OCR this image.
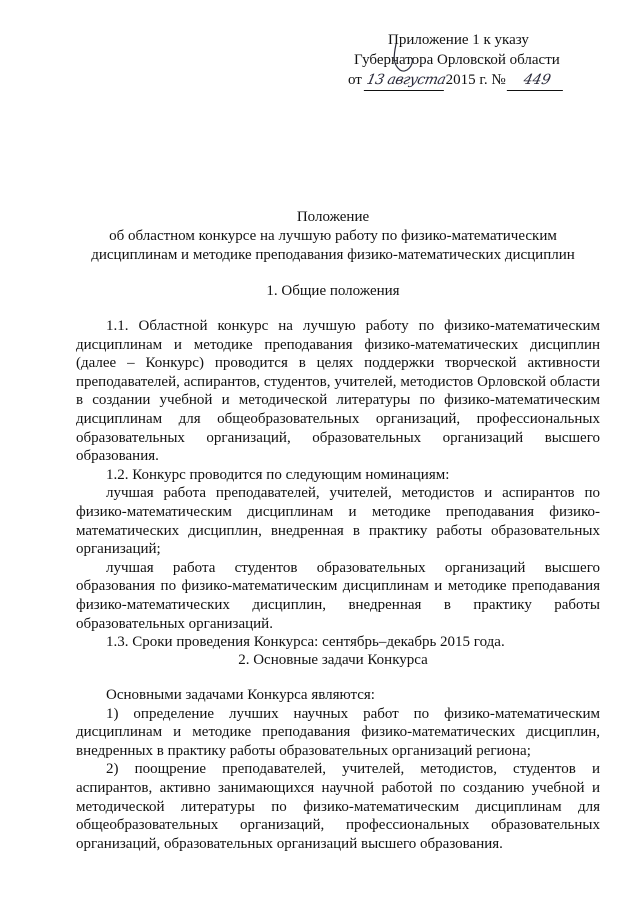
Приложение 1 к указу
Губернатора Орловской области
от 13 августа2015 г. № 449
Положение
об областном конкурсе на лучшую работу по физико-математическим
дисциплинам и методике преподавания физико-математических дисциплин
1. Общие положения

1.1. Областной конкурс на лучшую работу по физико-математическим дисциплинам и методике преподавания физико-математических дисциплин (далее – Конкурс) проводится в целях поддержки творческой активности преподавателей, аспирантов, студентов, учителей, методистов Орловской области в создании учебной и методической литературы по физико-математическим дисциплинам для общеобразовательных организаций, профессиональных образовательных организаций, образовательных организаций высшего образования.

1.2. Конкурс проводится по следующим номинациям:

лучшая работа преподавателей, учителей, методистов и аспирантов по физико-математическим дисциплинам и методике преподавания физико-математических дисциплин, внедренная в практику работы образовательных организаций;

лучшая работа студентов образовательных организаций высшего образования по физико-математическим дисциплинам и методике преподавания физико-математических дисциплин, внедренная в практику работы образовательных организаций.

1.3. Сроки проведения Конкурса: сентябрь–декабрь 2015 года.

2. Основные задачи Конкурса

Основными задачами Конкурса являются:

1) определение лучших научных работ по физико-математическим дисциплинам и методике преподавания физико-математических дисциплин, внедренных в практику работы образовательных организаций региона;

2) поощрение преподавателей, учителей, методистов, студентов и аспирантов, активно занимающихся научной работой по созданию учебной и методической литературы по физико-математическим дисциплинам для общеобразовательных организаций, профессиональных образовательных организаций, образовательных организаций высшего образования.
